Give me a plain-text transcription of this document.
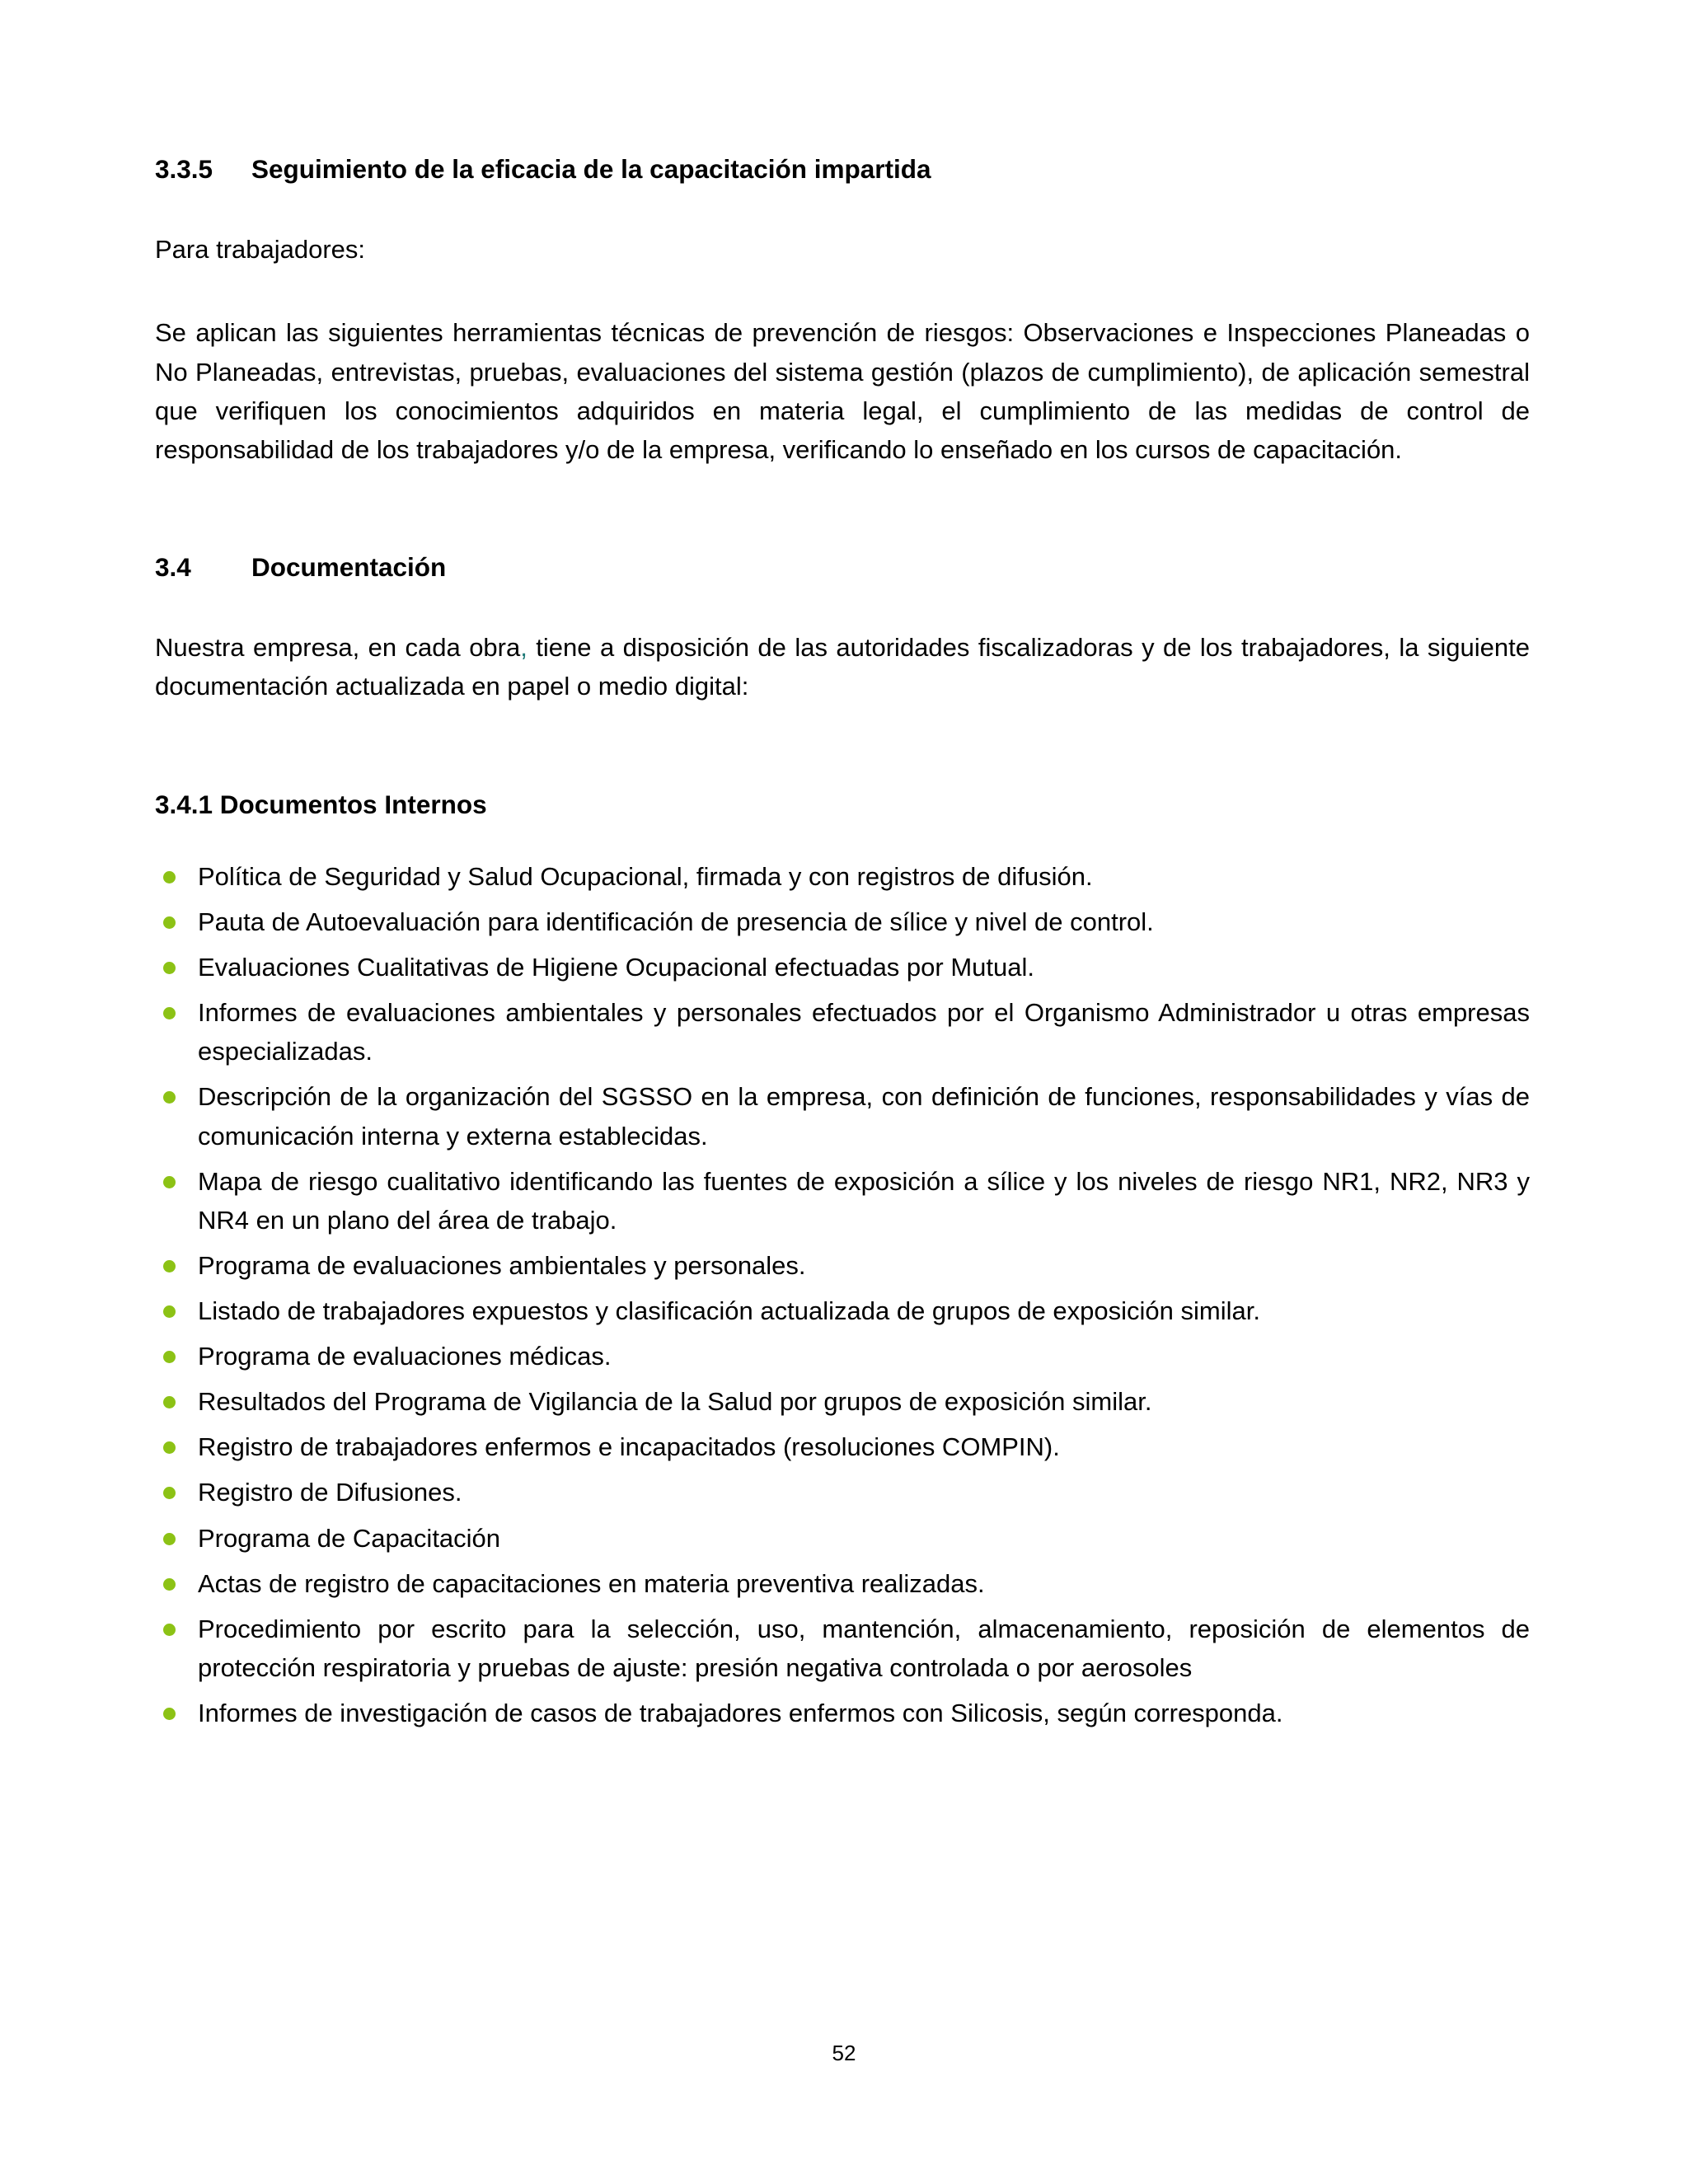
3.3.5	Seguimiento de la eficacia de la capacitación impartida

Para trabajadores:

Se aplican las siguientes herramientas técnicas de prevención de riesgos: Observaciones e Inspecciones Planeadas o No Planeadas, entrevistas, pruebas, evaluaciones del sistema gestión (plazos de cumplimiento), de aplicación semestral que verifiquen los conocimientos adquiridos en materia legal, el cumplimiento de las medidas de control de responsabilidad de los trabajadores y/o de la empresa, verificando lo enseñado en los cursos de capacitación.

3.4	Documentación

Nuestra empresa, en cada obra, tiene a disposición de las autoridades fiscalizadoras y de los trabajadores, la siguiente documentación actualizada en papel o medio digital:

3.4.1 Documentos Internos
Política de Seguridad y Salud Ocupacional, firmada y con registros de difusión.
Pauta de Autoevaluación para identificación de presencia de sílice y nivel de control.
Evaluaciones Cualitativas de Higiene Ocupacional efectuadas por Mutual.
Informes de evaluaciones ambientales y personales efectuados por el Organismo Administrador u otras empresas especializadas.
Descripción de la organización del SGSSO en la empresa, con definición de funciones, responsabilidades y vías de comunicación interna y externa establecidas.
Mapa de riesgo cualitativo identificando las fuentes de exposición a sílice y los niveles de riesgo NR1, NR2, NR3 y NR4 en un plano del área de trabajo.
Programa de evaluaciones ambientales y personales.
Listado de trabajadores expuestos y clasificación actualizada de grupos de exposición similar.
Programa de evaluaciones médicas.
Resultados del Programa de Vigilancia de la Salud por grupos de exposición similar.
Registro de trabajadores enfermos e incapacitados (resoluciones COMPIN).
Registro de Difusiones.
Programa de Capacitación
Actas de registro de capacitaciones en materia preventiva realizadas.
Procedimiento por escrito para la selección, uso, mantención, almacenamiento, reposición de elementos de protección respiratoria y pruebas de ajuste: presión negativa controlada o por aerosoles
Informes de investigación de casos de trabajadores enfermos con Silicosis, según corresponda.
52
